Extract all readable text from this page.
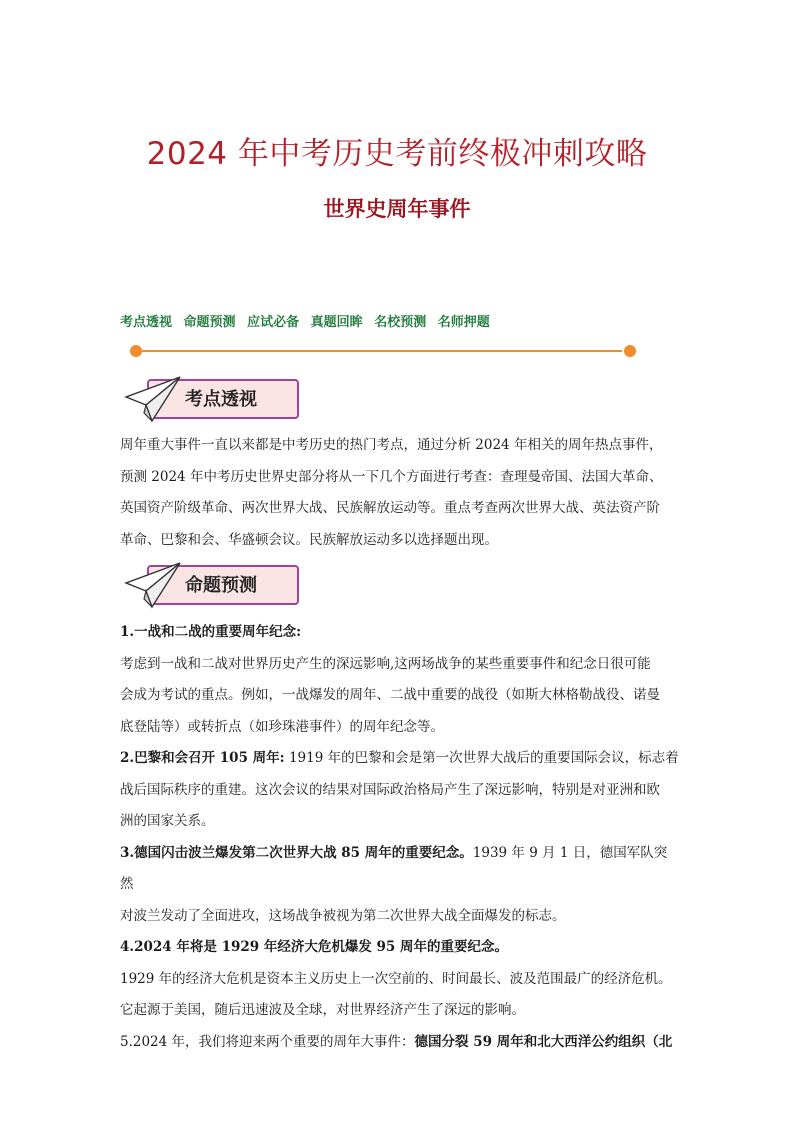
2024 年中考历史考前终极冲刺攻略
世界史周年事件
考点透视 命题预测 应试必备 真题回眸 名校预测 名师押题
考点透视
周年重大事件一直以来都是中考历史的热门考点，通过分析 2024 年相关的周年热点事件，
预测 2024 年中考历史世界史部分将从一下几个方面进行考查：查理曼帝国、法国大革命、
英国资产阶级革命、两次世界大战、民族解放运动等。重点考查两次世界大战、英法资产阶
革命、巴黎和会、华盛顿会议。民族解放运动多以选择题出现。
命题预测
1.一战和二战的重要周年纪念:
考虑到一战和二战对世界历史产生的深远影响,这两场战争的某些重要事件和纪念日很可能
会成为考试的重点。例如，一战爆发的周年、二战中重要的战役（如斯大林格勒战役、诺曼
底登陆等）或转折点（如珍珠港事件）的周年纪念等。
2.巴黎和会召开 105 周年: 1919 年的巴黎和会是第一次世界大战后的重要国际会议，标志着
战后国际秩序的重建。这次会议的结果对国际政治格局产生了深远影响，特别是对亚洲和欧
洲的国家关系。
3.德国闪击波兰爆发第二次世界大战 85 周年的重要纪念。1939 年 9 月 1 日，德国军队突然
对波兰发动了全面进攻，这场战争被视为第二次世界大战全面爆发的标志。
4.2024 年将是 1929 年经济大危机爆发 95 周年的重要纪念。
1929 年的经济大危机是资本主义历史上一次空前的、时间最长、波及范围最广的经济危机。
它起源于美国，随后迅速波及全球，对世界经济产生了深远的影响。
5.2024 年，我们将迎来两个重要的周年大事件：德国分裂 59 周年和北大西洋公约组织（北
